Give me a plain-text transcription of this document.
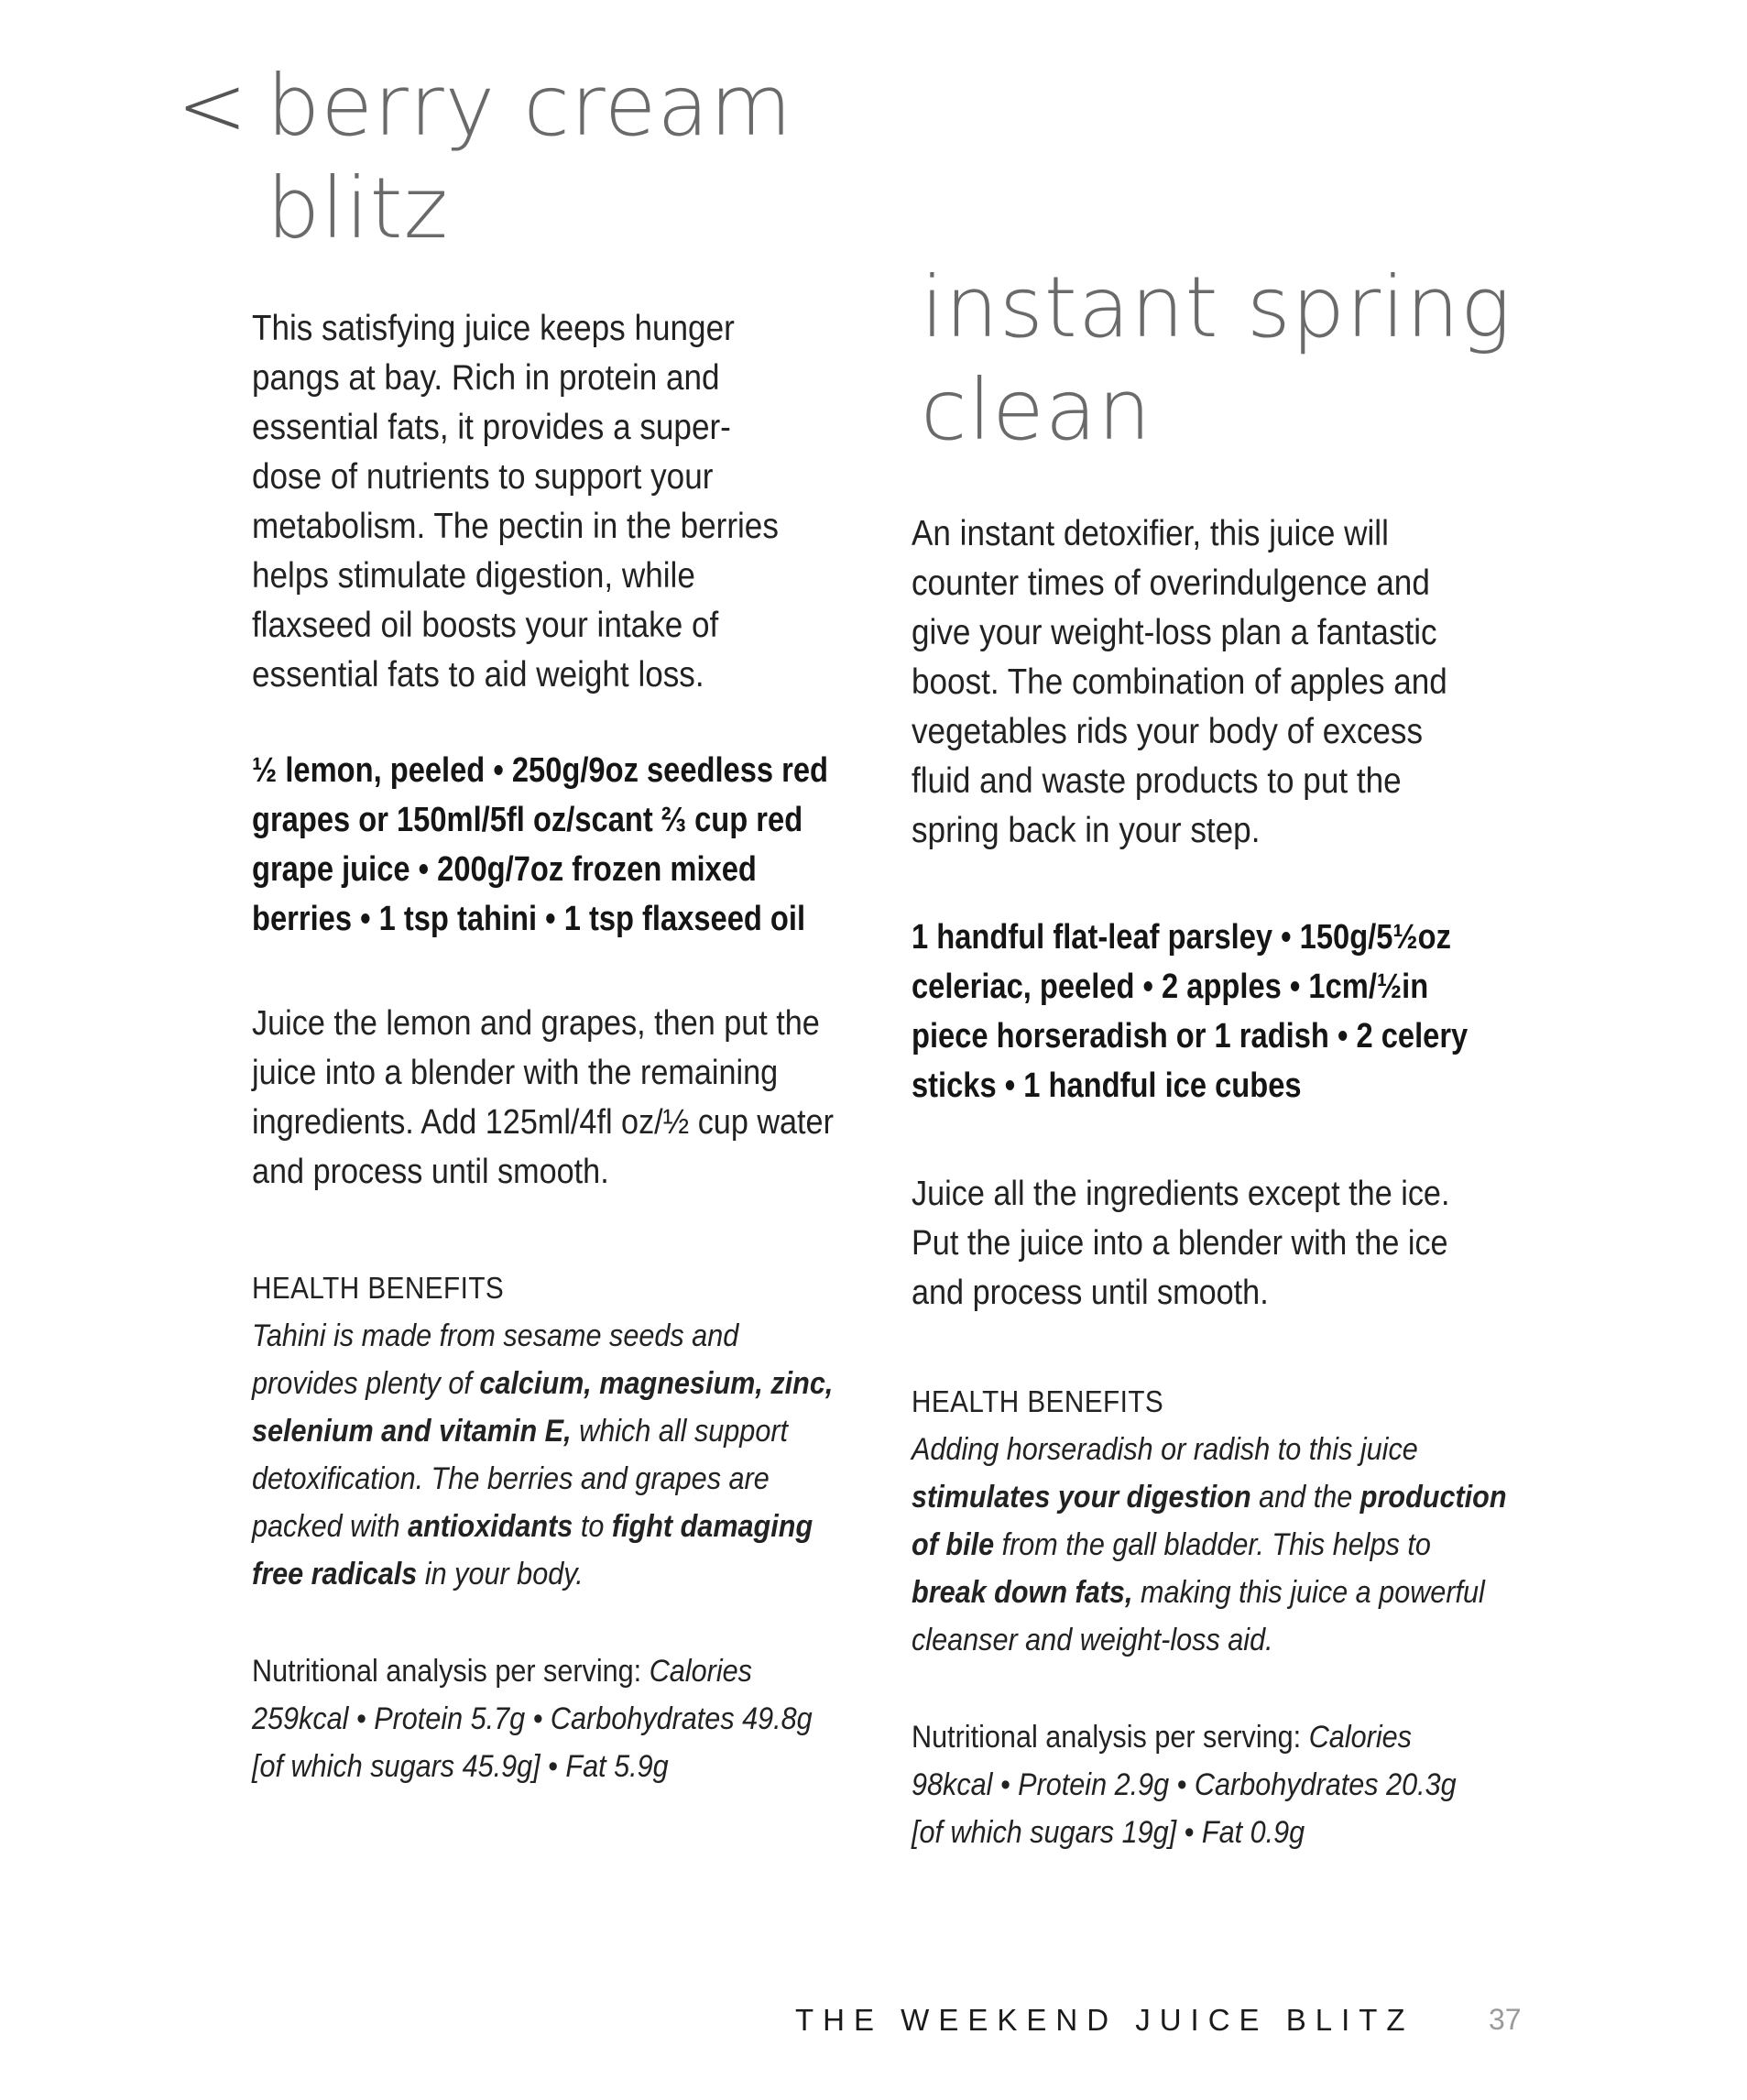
< berry cream
blitz

This satisfying juice keeps hunger
pangs at bay. Rich in protein and
essential fats, it provides a super-
dose of nutrients to support your
metabolism. The pectin in the berries
helps stimulate digestion, while
flaxseed oil boosts your intake of
essential fats to aid weight loss.

½ lemon, peeled • 250g/9oz seedless red
grapes or 150ml/5fl oz/scant ⅔ cup red
grape juice • 200g/7oz frozen mixed
berries • 1 tsp tahini • 1 tsp flaxseed oil

Juice the lemon and grapes, then put the
juice into a blender with the remaining
ingredients. Add 125ml/4fl oz/½ cup water
and process until smooth.

HEALTH BENEFITS

Tahini is made from sesame seeds and
provides plenty of calcium, magnesium, zinc,
selenium and vitamin E, which all support
detoxification. The berries and grapes are
packed with antioxidants to fight damaging
free radicals in your body.

Nutritional analysis per serving: Calories
259kcal • Protein 5.7g • Carbohydrates 49.8g
[of which sugars 45.9g] • Fat 5.9g

instant spring
clean

An instant detoxifier, this juice will
counter times of overindulgence and
give your weight-loss plan a fantastic
boost. The combination of apples and
vegetables rids your body of excess
fluid and waste products to put the
spring back in your step.

1 handful flat-leaf parsley • 150g/5½oz
celeriac, peeled • 2 apples • 1cm/½in
piece horseradish or 1 radish • 2 celery
sticks • 1 handful ice cubes

Juice all the ingredients except the ice.
Put the juice into a blender with the ice
and process until smooth.

HEALTH BENEFITS

Adding horseradish or radish to this juice
stimulates your digestion and the production
of bile from the gall bladder. This helps to
break down fats, making this juice a powerful
cleanser and weight-loss aid.

Nutritional analysis per serving: Calories
98kcal • Protein 2.9g • Carbohydrates 20.3g
[of which sugars 19g] • Fat 0.9g

THE WEEKEND JUICE BLITZ	37
